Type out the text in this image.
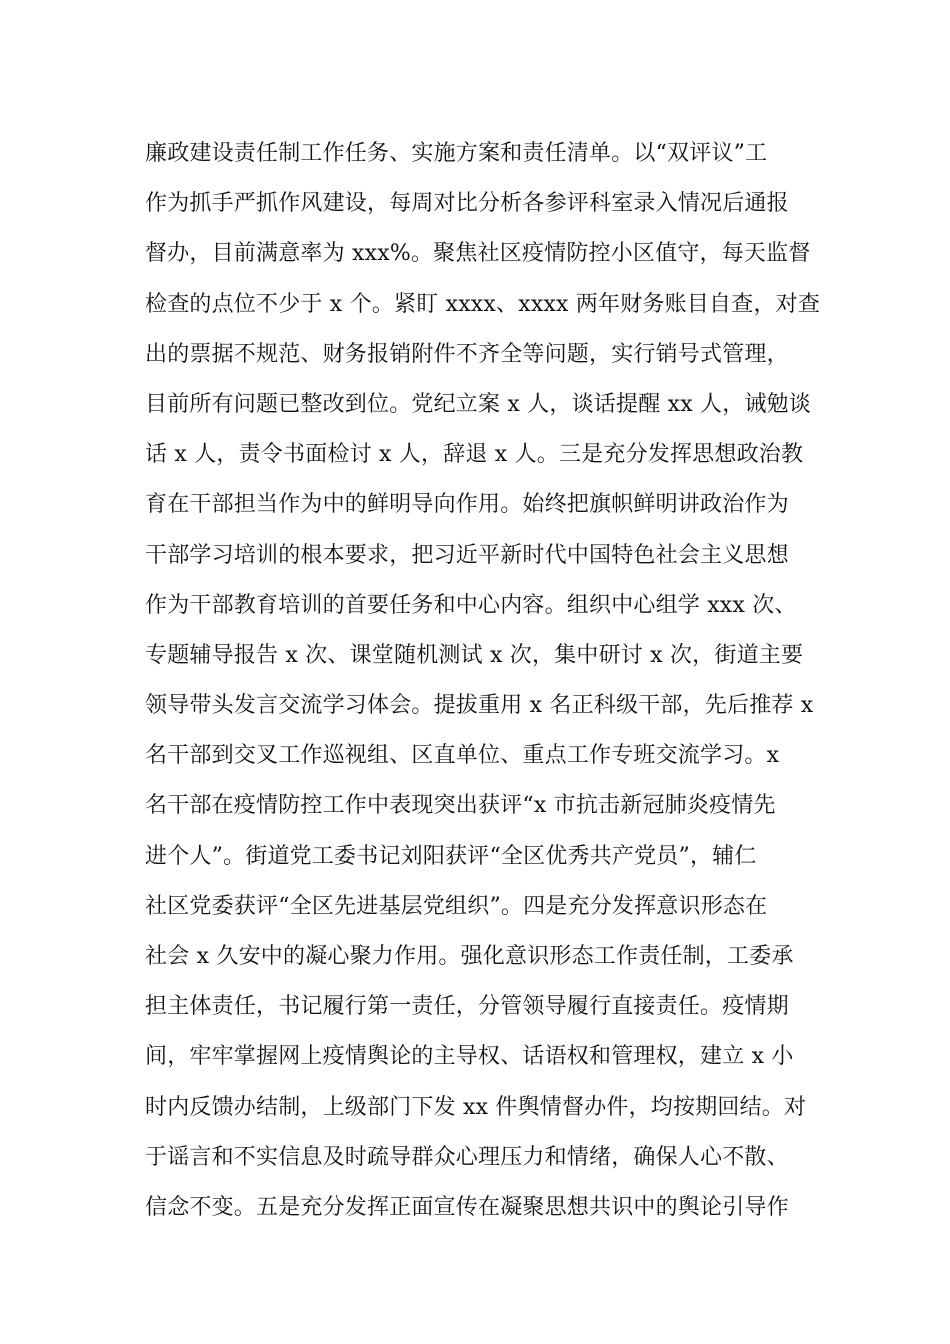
廉政建设责任制工作任务、实施方案和责任清单。以“双评议”工
作为抓手严抓作风建设，每周对比分析各参评科室录入情况后通报
督办，目前满意率为 xxx%。聚焦社区疫情防控小区值守，每天监督
检查的点位不少于 x 个。紧盯 xxxx、xxxx 两年财务账目自查，对查
出的票据不规范、财务报销附件不齐全等问题，实行销号式管理，
目前所有问题已整改到位。党纪立案 x 人，谈话提醒 xx 人，诫勉谈
话 x 人，责令书面检讨 x 人，辞退 x 人。三是充分发挥思想政治教
育在干部担当作为中的鲜明导向作用。始终把旗帜鲜明讲政治作为
干部学习培训的根本要求，把习近平新时代中国特色社会主义思想
作为干部教育培训的首要任务和中心内容。组织中心组学 xxx 次、
专题辅导报告 x 次、课堂随机测试 x 次，集中研讨 x 次，街道主要
领导带头发言交流学习体会。提拔重用 x 名正科级干部，先后推荐 x
名干部到交叉工作巡视组、区直单位、重点工作专班交流学习。x
名干部在疫情防控工作中表现突出获评“x 市抗击新冠肺炎疫情先
进个人”。街道党工委书记刘阳获评“全区优秀共产党员”，辅仁
社区党委获评“全区先进基层党组织”。四是充分发挥意识形态在
社会 x 久安中的凝心聚力作用。强化意识形态工作责任制，工委承
担主体责任，书记履行第一责任，分管领导履行直接责任。疫情期
间，牢牢掌握网上疫情舆论的主导权、话语权和管理权，建立 x 小
时内反馈办结制，上级部门下发 xx 件舆情督办件，均按期回结。对
于谣言和不实信息及时疏导群众心理压力和情绪，确保人心不散、
信念不变。五是充分发挥正面宣传在凝聚思想共识中的舆论引导作
